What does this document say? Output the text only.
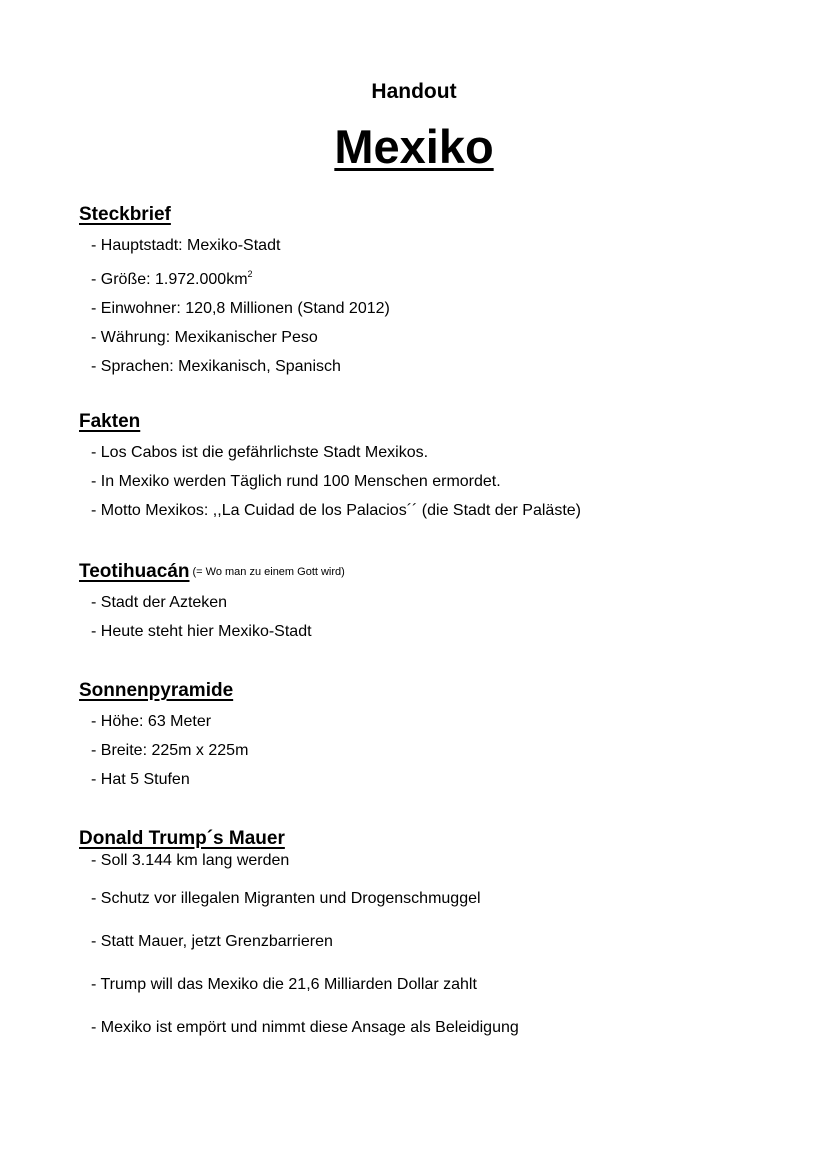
Handout
Mexiko
Steckbrief
- Hauptstadt: Mexiko-Stadt
- Größe: $1.972.000km^2$
- Einwohner: 120,8 Millionen (Stand 2012)
- Währung: Mexikanischer Peso
- Sprachen: Mexikanisch, Spanisch
Fakten
- Los Cabos ist die gefährlichste Stadt Mexikos.
- In Mexiko werden Täglich rund 100 Menschen ermordet.
- Motto Mexikos: ,,La Cuidad de los Palacios´´ (die Stadt der Paläste)
Teotihuacán (= Wo man zu einem Gott wird)
- Stadt der Azteken
- Heute steht hier Mexiko-Stadt
Sonnenpyramide
- Höhe: 63 Meter
- Breite: 225m x 225m
- Hat 5 Stufen
Donald Trump´s Mauer
- Soll 3.144 km lang werden
- Schutz vor illegalen Migranten und Drogenschmuggel
- Statt Mauer, jetzt Grenzbarrieren
- Trump will das Mexiko die 21,6 Milliarden Dollar zahlt
- Mexiko ist empört und nimmt diese Ansage als Beleidigung
